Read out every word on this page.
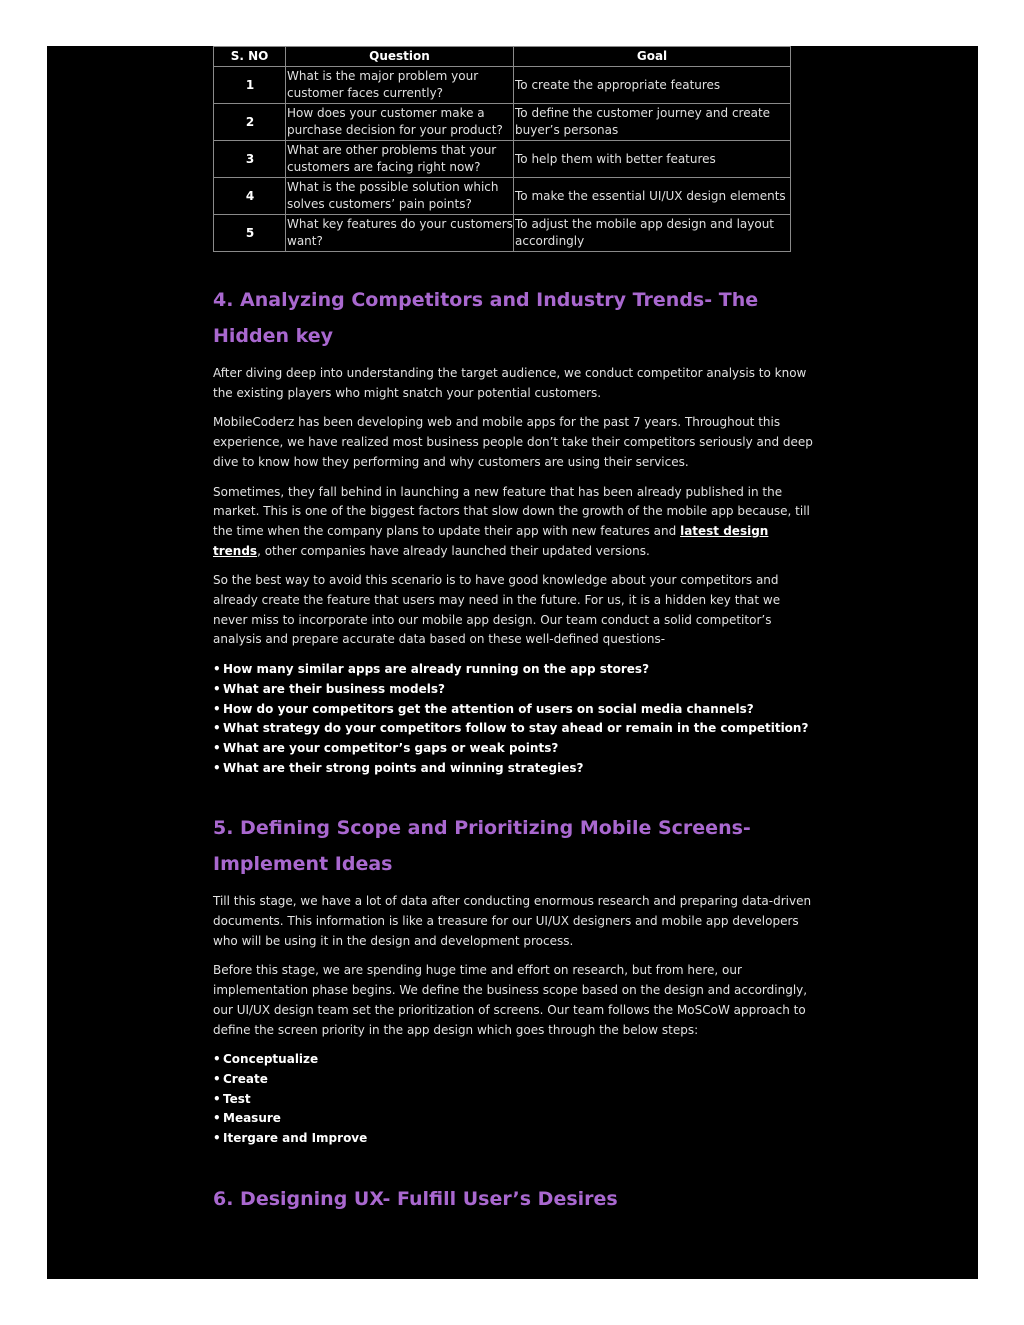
S. NO	Question	Goal
1	What is the major problem your customer faces currently?	To create the appropriate features
2	How does your customer make a purchase decision for your product?	To define the customer journey and create buyer’s personas
3	What are other problems that your customers are facing right now?	To help them with better features
4	What is the possible solution which solves customers’ pain points?	To make the essential UI/UX design elements
5	What key features do your customers want?	To adjust the mobile app design and layout accordingly
4. Analyzing Competitors and Industry Trends- The Hidden key

After diving deep into understanding the target audience, we conduct competitor analysis to know the existing players who might snatch your potential customers.

MobileCoderz has been developing web and mobile apps for the past 7 years. Throughout this experience, we have realized most business people don’t take their competitors seriously and deep dive to know how they performing and why customers are using their services.

Sometimes, they fall behind in launching a new feature that has been already published in the market. This is one of the biggest factors that slow down the growth of the mobile app because, till the time when the company plans to update their app with new features and latest design trends, other companies have already launched their updated versions.

So the best way to avoid this scenario is to have good knowledge about your competitors and already create the feature that users may need in the future. For us, it is a hidden key that we never miss to incorporate into our mobile app design. Our team conduct a solid competitor’s analysis and prepare accurate data based on these well-defined questions-

• How many similar apps are already running on the app stores?
• What are their business models?
• How do your competitors get the attention of users on social media channels?
• What strategy do your competitors follow to stay ahead or remain in the competition?
• What are your competitor’s gaps or weak points?
• What are their strong points and winning strategies?
5. Defining Scope and Prioritizing Mobile Screens- Implement Ideas

Till this stage, we have a lot of data after conducting enormous research and preparing data-driven documents. This information is like a treasure for our UI/UX designers and mobile app developers who will be using it in the design and development process.

Before this stage, we are spending huge time and effort on research, but from here, our implementation phase begins. We define the business scope based on the design and accordingly, our UI/UX design team set the prioritization of screens. Our team follows the MoSCoW approach to define the screen priority in the app design which goes through the below steps:

• Conceptualize
• Create
• Test
• Measure
• Itergare and Improve
6. Designing UX- Fulfill User’s Desires
